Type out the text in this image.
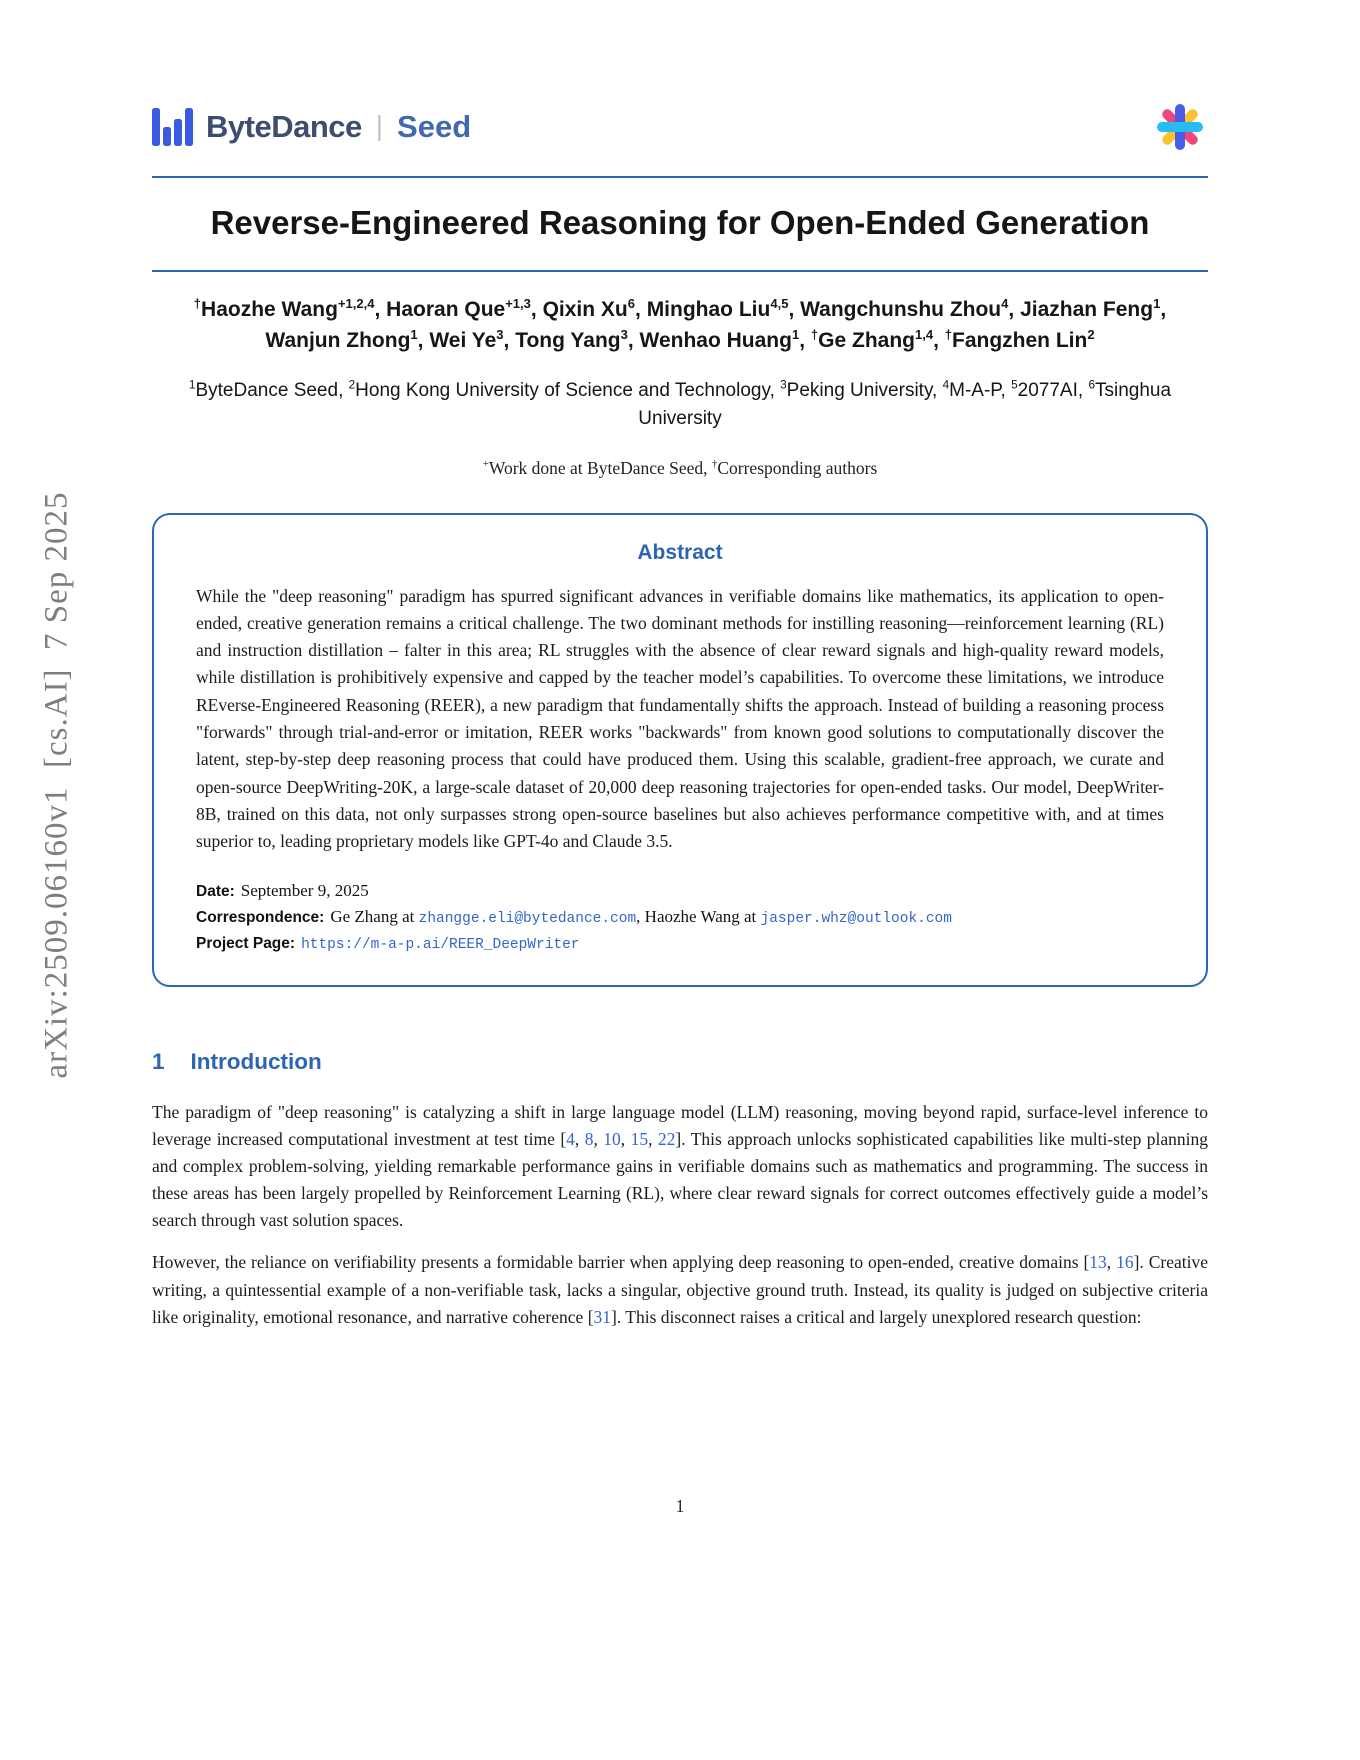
arXiv:2509.06160v1  [cs.AI]  7 Sep 2025
ByteDance | Seed
Reverse-Engineered Reasoning for Open-Ended Generation
†Haozhe Wang$^{+1,2,4}$, Haoran Que$^{+1,3}$, Qixin Xu$^6$, Minghao Liu$^{4,5}$, Wangchunshu Zhou$^4$, Jiazhan Feng$^1$, Wanjun Zhong$^1$, Wei Ye$^3$, Tong Yang$^3$, Wenhao Huang$^1$, †Ge Zhang$^{1,4}$, †Fangzhen Lin$^2$
$^1$ByteDance Seed, $^2$Hong Kong University of Science and Technology, $^3$Peking University, $^4$M-A-P, $^5$2077AI, $^6$Tsinghua University
+Work done at ByteDance Seed, †Corresponding authors
Abstract

While the "deep reasoning" paradigm has spurred significant advances in verifiable domains like mathematics, its application to open-ended, creative generation remains a critical challenge. The two dominant methods for instilling reasoning—reinforcement learning (RL) and instruction distillation – falter in this area; RL struggles with the absence of clear reward signals and high-quality reward models, while distillation is prohibitively expensive and capped by the teacher model’s capabilities. To overcome these limitations, we introduce REverse-Engineered Reasoning (REER), a new paradigm that fundamentally shifts the approach. Instead of building a reasoning process "forwards" through trial-and-error or imitation, REER works "backwards" from known good solutions to computationally discover the latent, step-by-step deep reasoning process that could have produced them. Using this scalable, gradient-free approach, we curate and open-source DeepWriting-20K, a large-scale dataset of 20,000 deep reasoning trajectories for open-ended tasks. Our model, DeepWriter-8B, trained on this data, not only surpasses strong open-source baselines but also achieves performance competitive with, and at times superior to, leading proprietary models like GPT-4o and Claude 3.5.

Date: September 9, 2025
Correspondence: Ge Zhang at zhangge.eli@bytedance.com, Haozhe Wang at jasper.whz@outlook.com
Project Page: https://m-a-p.ai/REER_DeepWriter
1 Introduction

The paradigm of "deep reasoning" is catalyzing a shift in large language model (LLM) reasoning, moving beyond rapid, surface-level inference to leverage increased computational investment at test time [4, 8, 10, 15, 22]. This approach unlocks sophisticated capabilities like multi-step planning and complex problem-solving, yielding remarkable performance gains in verifiable domains such as mathematics and programming. The success in these areas has been largely propelled by Reinforcement Learning (RL), where clear reward signals for correct outcomes effectively guide a model’s search through vast solution spaces.

However, the reliance on verifiability presents a formidable barrier when applying deep reasoning to open-ended, creative domains [13, 16]. Creative writing, a quintessential example of a non-verifiable task, lacks a singular, objective ground truth. Instead, its quality is judged on subjective criteria like originality, emotional resonance, and narrative coherence [31]. This disconnect raises a critical and largely unexplored research question:

1
